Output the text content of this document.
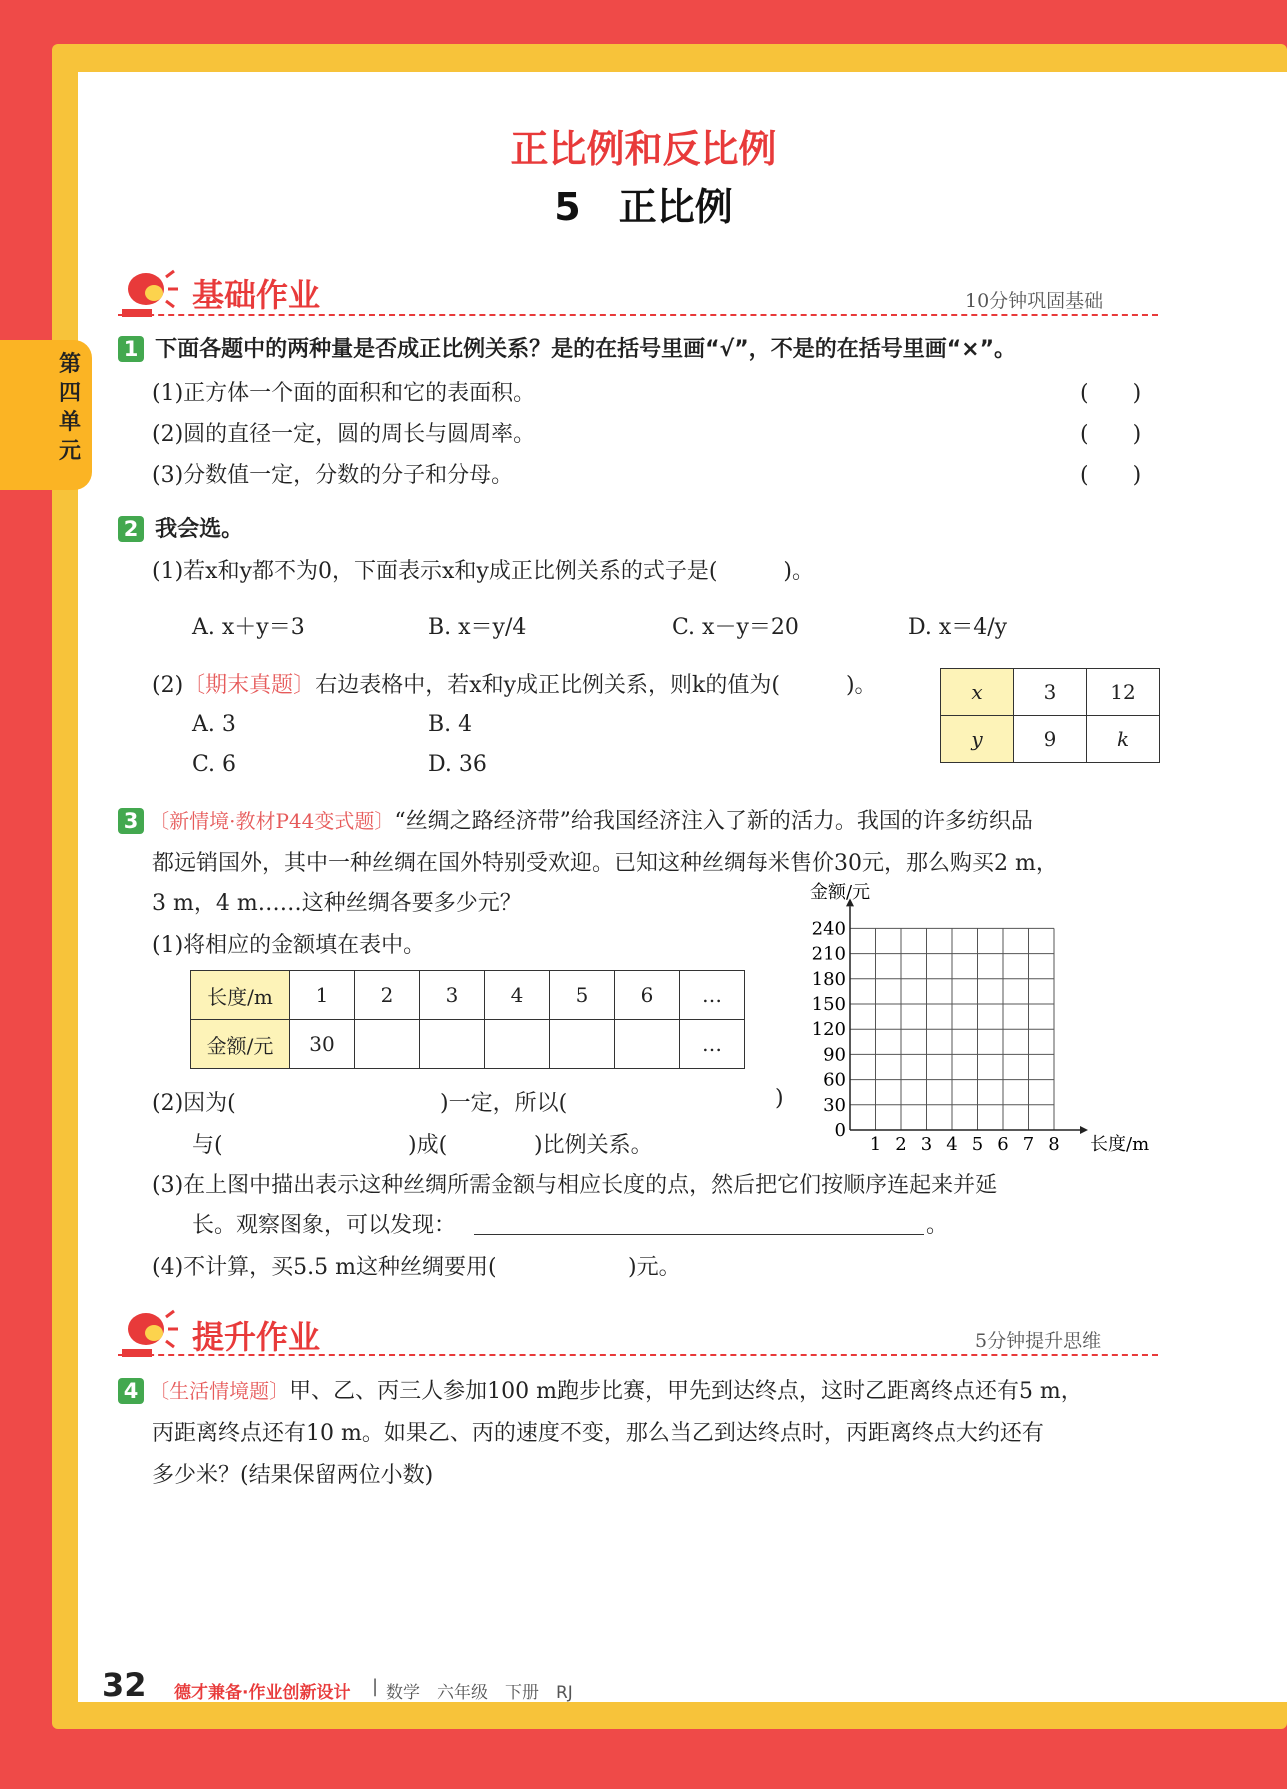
第四单元
正比例和反比例
5　正比例
基础作业	10分钟巩固基础
1 下面各题中的两种量是否成正比例关系？是的在括号里画“√”，不是的在括号里画“×”。
(1)正方体一个面的面积和它的表面积。	(　　)
(2)圆的直径一定，圆的周长与圆周率。	(　　)
(3)分数值一定，分数的分子和分母。	(　　)
2 我会选。
(1)若x和y都不为0，下面表示x和y成正比例关系的式子是(　　　)。
A. x＋y＝3	B. x＝y/4	C. x－y＝20	D. x＝4/y
(2)〔期末真题〕右边表格中，若x和y成正比例关系，则k的值为(　　　)。
A. 3	B. 4
C. 6	D. 36
x	3	12
y	9	k
3 〔新情境·教材P44变式题〕“丝绸之路经济带”给我国经济注入了新的活力。我国的许多纺织品
都远销国外，其中一种丝绸在国外特别受欢迎。已知这种丝绸每米售价30元，那么购买2 m，
3 m，4 m……这种丝绸各要多少元？
(1)将相应的金额填在表中。
长度/m	1	2	3	4	5	6	…
金额/元	30						…
(2)因为(	)一定，所以(	)
与(	)成(	)比例关系。	1 2 3 4 5 6 7 8
0
30
60
90
120
150
180
210
240
长度/m
金额/元
(3)在上图中描出表示这种丝绸所需金额与相应长度的点，然后把它们按顺序连起来并延
长。观察图象，可以发现：	。
(4)不计算，买5.5 m这种丝绸要用(	)元。
提升作业	5分钟提升思维
4 〔生活情境题〕甲、乙、丙三人参加100 m跑步比赛，甲先到达终点，这时乙距离终点还有5 m，
丙距离终点还有10 m。如果乙、丙的速度不变，那么当乙到达终点时，丙距离终点大约还有
多少米？(结果保留两位小数)
32 德才兼备·作业创新设计 | 数学　六年级　下册　RJ
